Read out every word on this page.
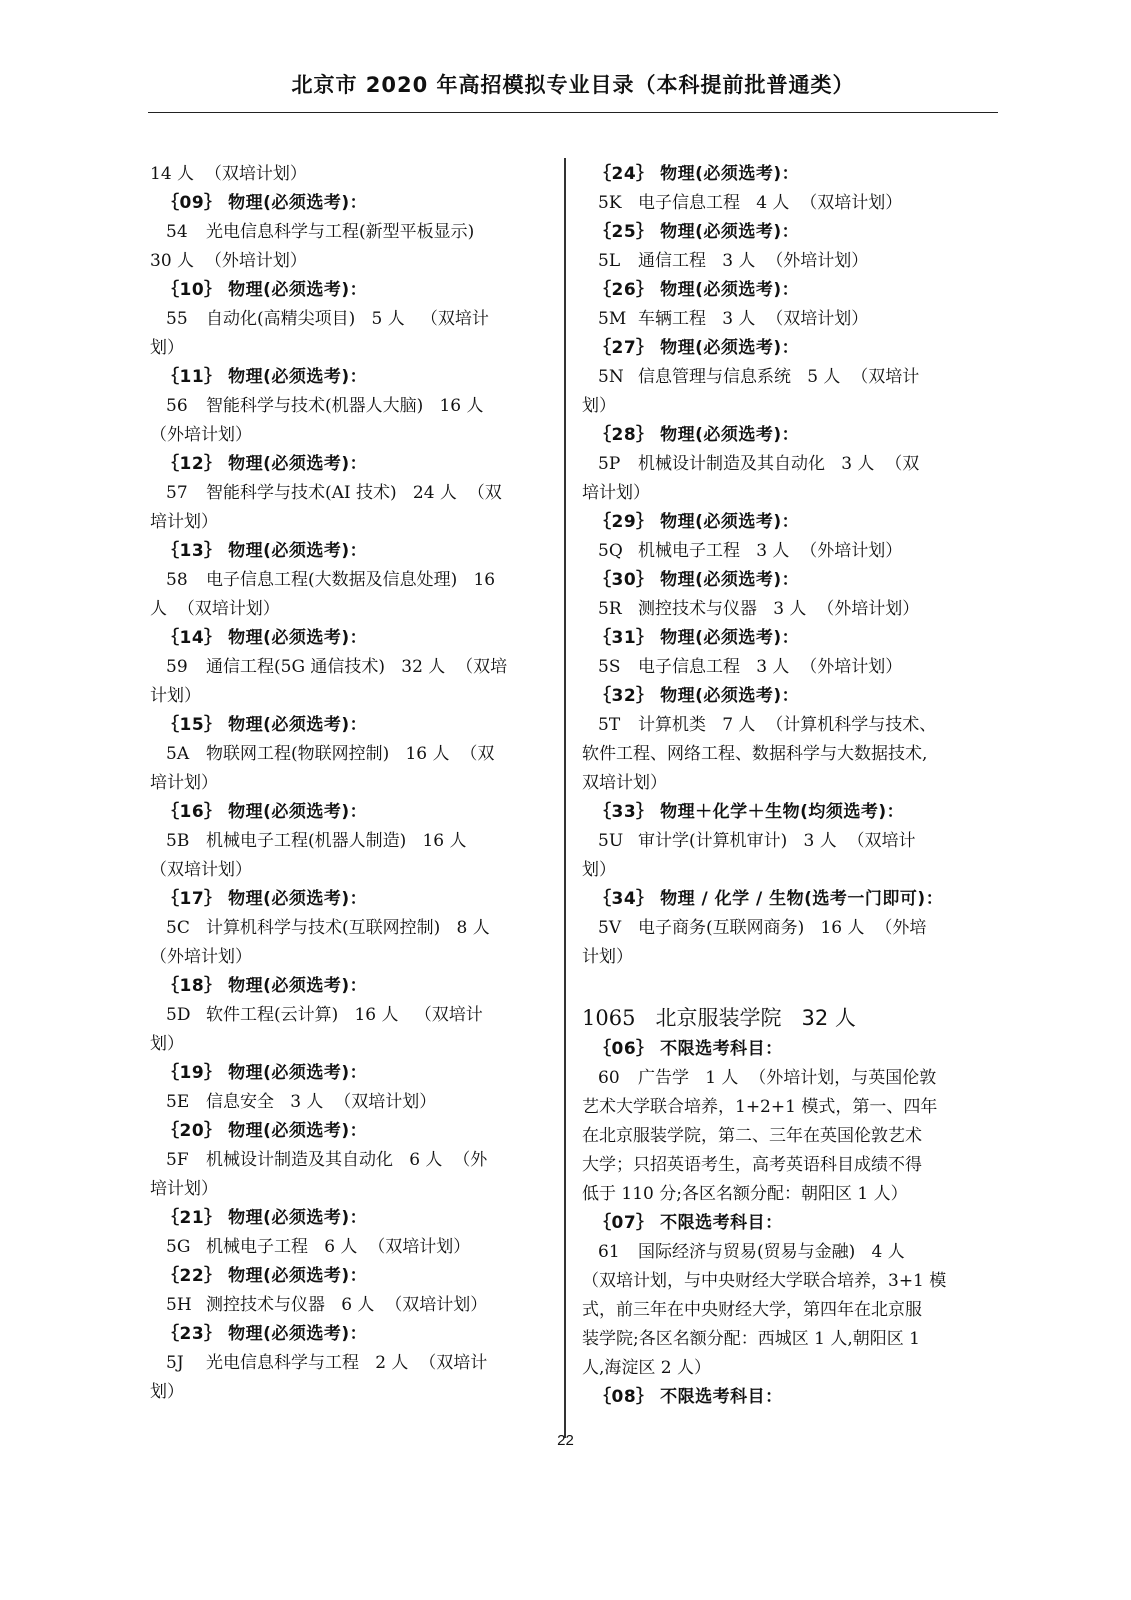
北京市 2020 年高招模拟专业目录（本科提前批普通类）
14 人  （双培计划）
｛09｝ 物理(必须选考)：
54 光电信息科学与工程(新型平板显示)
30 人  （外培计划）
｛10｝ 物理(必须选考)：
55 自动化(高精尖项目)   5 人   （双培计
划）
｛11｝ 物理(必须选考)：
56 智能科学与技术(机器人大脑)   16 人
（外培计划）
｛12｝ 物理(必须选考)：
57 智能科学与技术(AI 技术)   24 人  （双
培计划）
｛13｝ 物理(必须选考)：
58 电子信息工程(大数据及信息处理)   16
人  （双培计划）
｛14｝ 物理(必须选考)：
59 通信工程(5G 通信技术)   32 人  （双培
计划）
｛15｝ 物理(必须选考)：
5A 物联网工程(物联网控制)   16 人  （双
培计划）
｛16｝ 物理(必须选考)：
5B 机械电子工程(机器人制造)   16 人
（双培计划）
｛17｝ 物理(必须选考)：
5C 计算机科学与技术(互联网控制)   8 人
（外培计划）
｛18｝ 物理(必须选考)：
5D 软件工程(云计算)   16 人   （双培计
划）
｛19｝ 物理(必须选考)：
5E 信息安全   3 人  （双培计划）
｛20｝ 物理(必须选考)：
5F 机械设计制造及其自动化   6 人  （外
培计划）
｛21｝ 物理(必须选考)：
5G 机械电子工程   6 人  （双培计划）
｛22｝ 物理(必须选考)：
5H 测控技术与仪器   6 人  （双培计划）
｛23｝ 物理(必须选考)：
5J 光电信息科学与工程   2 人  （双培计
划）
｛24｝ 物理(必须选考)：
5K 电子信息工程   4 人  （双培计划）
｛25｝ 物理(必须选考)：
5L 通信工程   3 人  （外培计划）
｛26｝ 物理(必须选考)：
5M 车辆工程   3 人  （双培计划）
｛27｝ 物理(必须选考)：
5N 信息管理与信息系统   5 人  （双培计
划）
｛28｝ 物理(必须选考)：
5P 机械设计制造及其自动化   3 人  （双
培计划）
｛29｝ 物理(必须选考)：
5Q 机械电子工程   3 人  （外培计划）
｛30｝ 物理(必须选考)：
5R 测控技术与仪器   3 人  （外培计划）
｛31｝ 物理(必须选考)：
5S 电子信息工程   3 人  （外培计划）
｛32｝ 物理(必须选考)：
5T 计算机类   7 人  （计算机科学与技术、
软件工程、网络工程、数据科学与大数据技术,
双培计划）
｛33｝ 物理＋化学＋生物(均须选考)：
5U 审计学(计算机审计)   3 人  （双培计
划）
｛34｝ 物理 / 化学 / 生物(选考一门即可)：
5V 电子商务(互联网商务)   16 人  （外培
计划）
1065 北京服装学院   32 人
｛06｝ 不限选考科目：
60 广告学   1 人  （外培计划，与英国伦敦
艺术大学联合培养，1+2+1 模式，第一、四年
在北京服装学院，第二、三年在英国伦敦艺术
大学；只招英语考生，高考英语科目成绩不得
低于 110 分;各区名额分配：朝阳区 1 人）
｛07｝ 不限选考科目：
61 国际经济与贸易(贸易与金融)   4 人
（双培计划，与中央财经大学联合培养，3+1 模
式，前三年在中央财经大学，第四年在北京服
装学院;各区名额分配：西城区 1 人,朝阳区 1
人,海淀区 2 人）
｛08｝ 不限选考科目：
22
